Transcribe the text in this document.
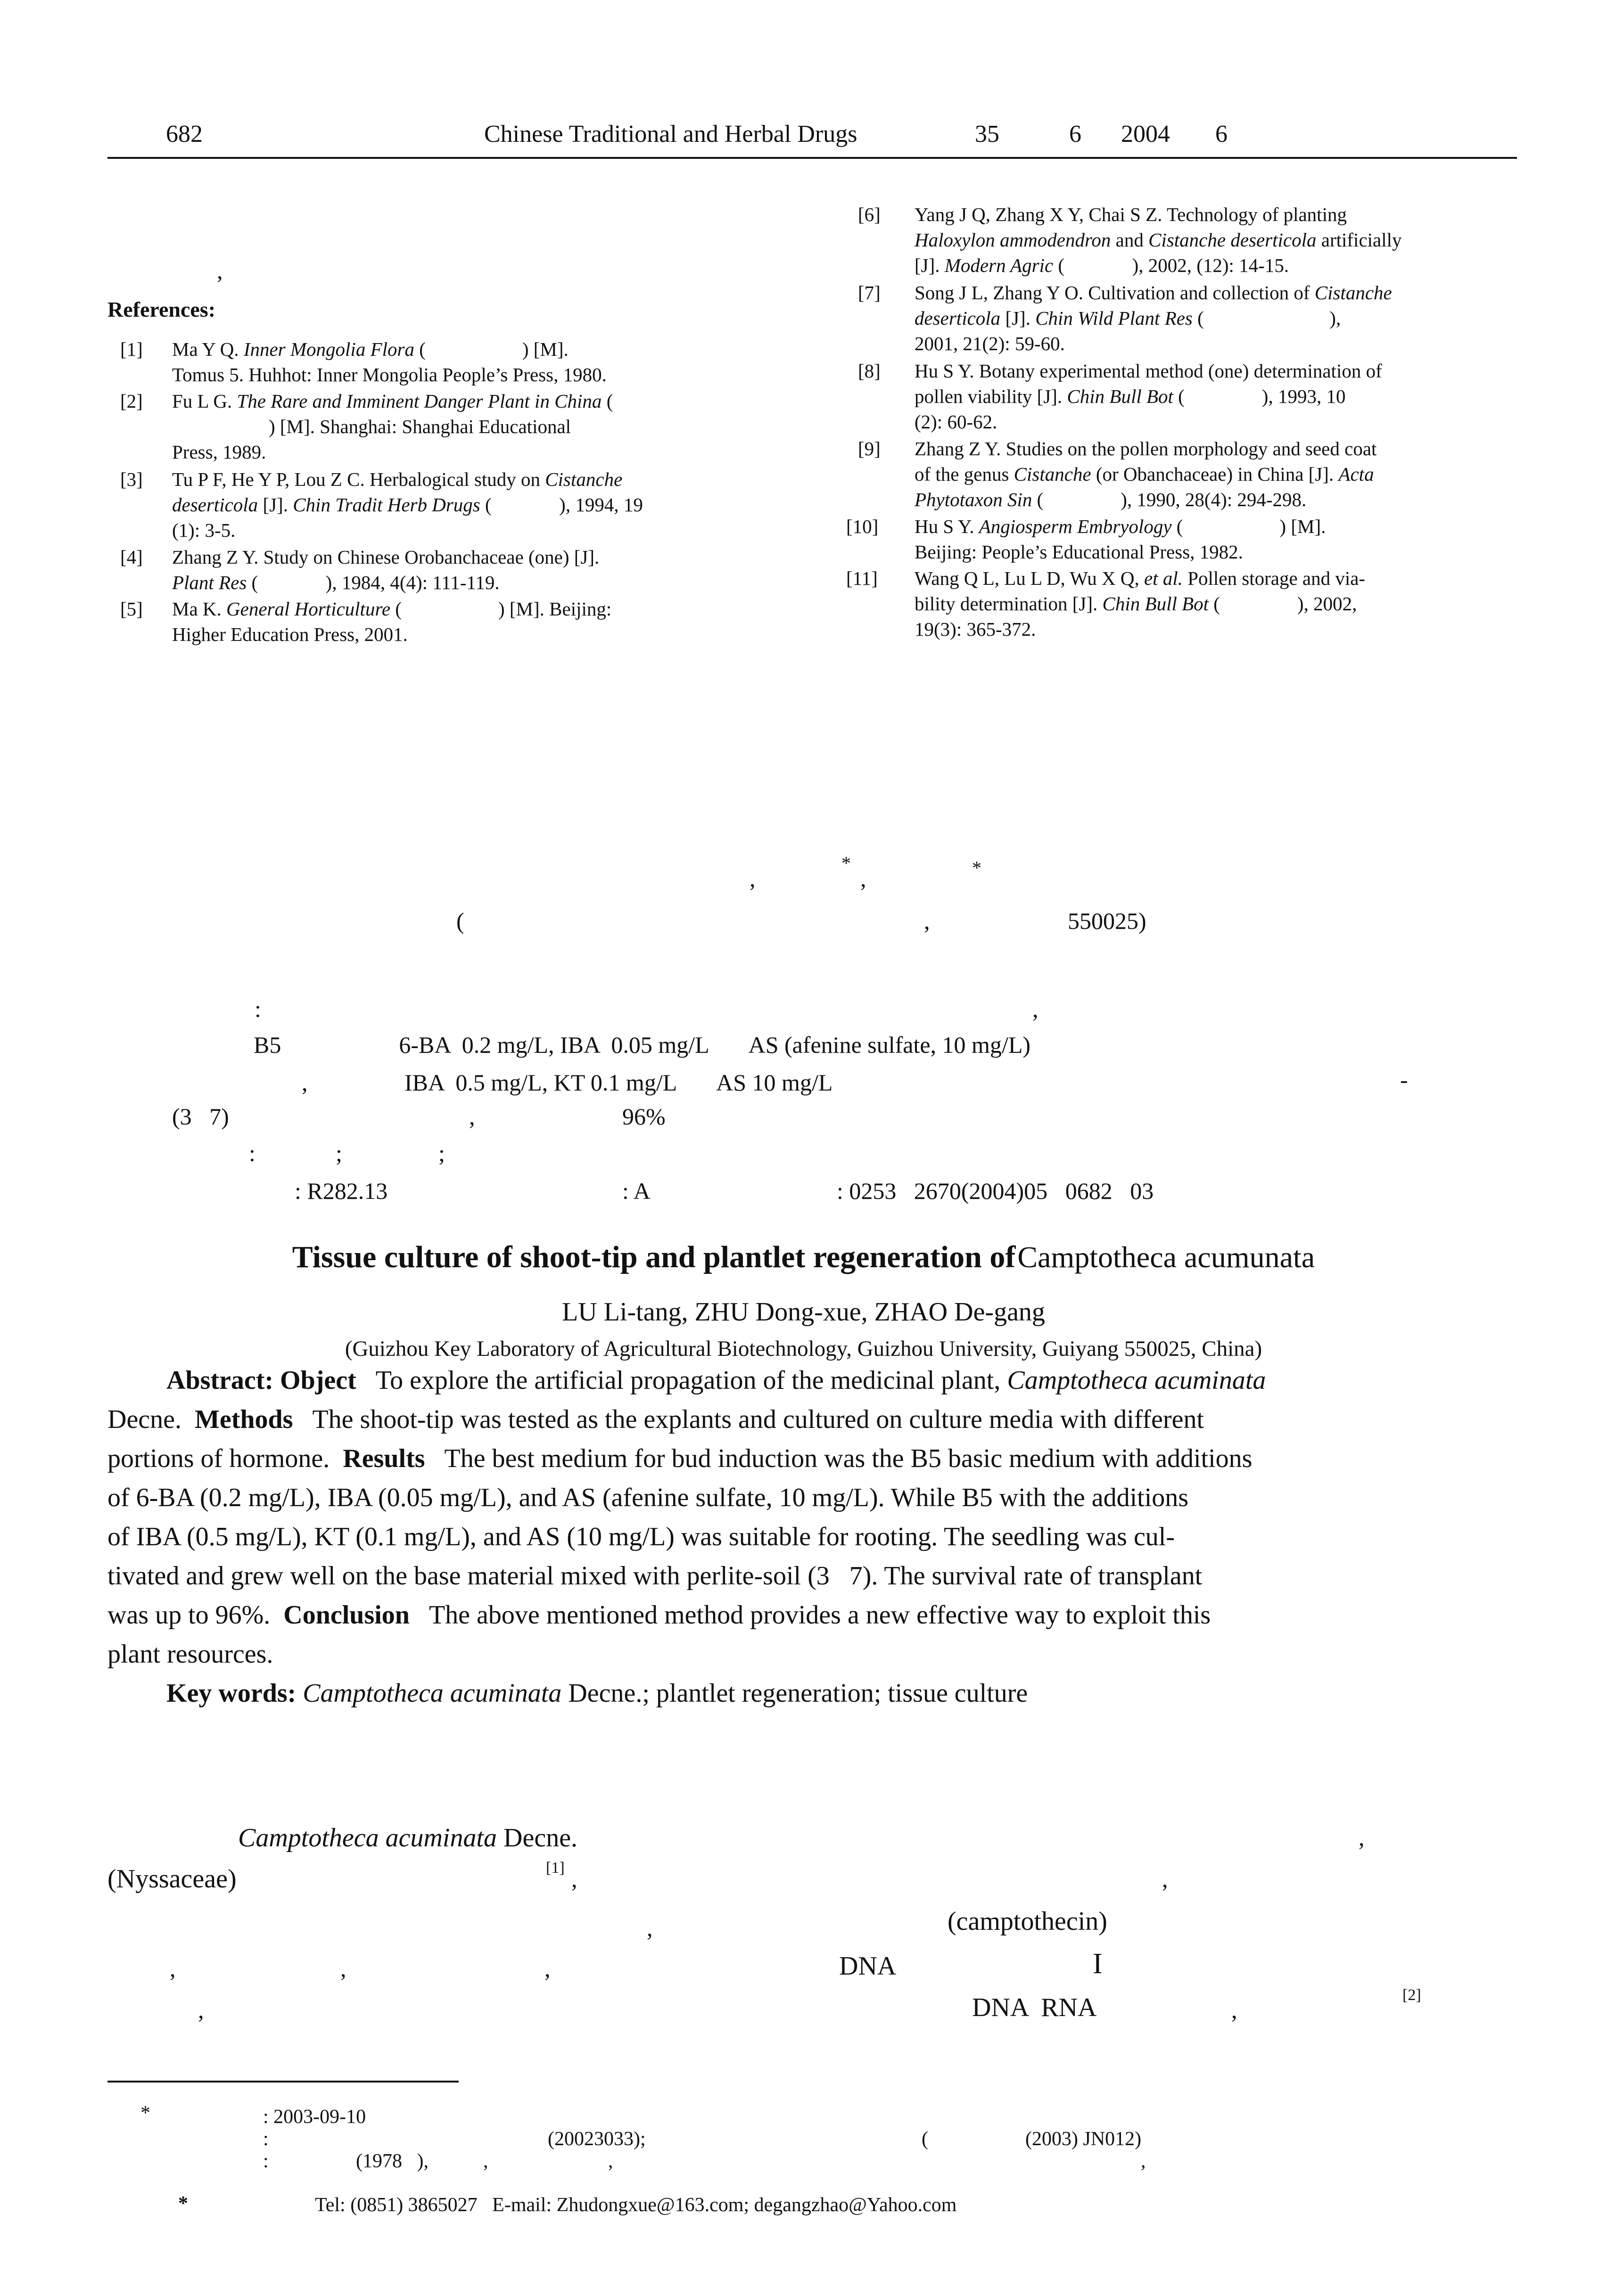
682	Chinese Traditional and Herbal Drugs	35	6 2004 6
,
References:
[1] Ma Y Q. Inner Mongolia Flora (                    ) [M].
Tomus 5. Huhhot: Inner Mongolia People’s Press, 1980.
[2] Fu L G. The Rare and Imminent Danger Plant in China (
) [M]. Shanghai: Shanghai Educational
Press, 1989.
[3] Tu P F, He Y P, Lou Z C. Herbalogical study on Cistanche
deserticola [J]. Chin Tradit Herb Drugs (              ), 1994, 19
(1): 3-5.
[4] Zhang Z Y. Study on Chinese Orobanchaceae (one) [J].
Plant Res (              ), 1984, 4(4): 111-119.
[5] Ma K. General Horticulture (                    ) [M]. Beijing:
Higher Education Press, 2001.
[6] Yang J Q, Zhang X Y, Chai S Z. Technology of planting
Haloxylon ammodendron and Cistanche deserticola artificially
[J]. Modern Agric (              ), 2002, (12): 14-15.
[7] Song J L, Zhang Y O. Cultivation and collection of Cistanche
deserticola [J]. Chin Wild Plant Res (                          ),
2001, 21(2): 59-60.
[8] Hu S Y. Botany experimental method (one) determination of
pollen viability [J]. Chin Bull Bot (                ), 1993, 10
(2): 60-62.
[9] Zhang Z Y. Studies on the pollen morphology and seed coat
of the genus Cistanche (or Obanchaceae) in China [J]. Acta
Phytotaxon Sin (                ), 1990, 28(4): 294-298.
[10] Hu S Y. Angiosperm Embryology (                    ) [M].
Beijing: People’s Educational Press, 1982.
[11] Wang Q L, Lu L D, Wu X Q, et al. Pollen storage and via-
bility determination [J]. Chin Bull Bot (                ), 2002,
19(3): 365-372.
*	*
,	,
(	,	550025)
:	,
B5                    6-BA  0.2 mg/L, IBA  0.05 mg/L       AS (afenine sulfate, 10 mg/L)
,	IBA  0.5 mg/L, KT 0.1 mg/L       AS 10 mg/L	-
(3   7)	,	96%
:	;	;
: R282.13	: A	: 0253   2670(2004)05   0682   03
Tissue culture of shoot-tip and plantlet regeneration of Camptotheca acumunata
LU Li-tang, ZHU Dong-xue, ZHAO De-gang
(Guizhou Key Laboratory of Agricultural Biotechnology, Guizhou University, Guiyang 550025, China)
Abstract: Object To explore the artificial propagation of the medicinal plant, Camptotheca acuminata
Decne. Methods The shoot-tip was tested as the explants and cultured on culture media with different
portions of hormone. Results The best medium for bud induction was the B5 basic medium with additions
of 6-BA (0.2 mg/L), IBA (0.05 mg/L), and AS (afenine sulfate, 10 mg/L). While B5 with the additions
of IBA (0.5 mg/L), KT (0.1 mg/L), and AS (10 mg/L) was suitable for rooting. The seedling was cul-
tivated and grew well on the base material mixed with perlite-soil (3   7). The survival rate of transplant
was up to 96%. Conclusion The above mentioned method provides a new effective way to exploit this
plant resources.
Key words: Camptotheca acuminata Decne.; plantlet regeneration; tissue culture
Camptotheca acuminata Decne.	,
(Nyssaceae)	[1] ,	,
,	(camptothecin)
,	,	,	DNA	I
,	DNA  RNA	,
[2]
*	: 2003-09-10
:	(20023033);	(	(2003) JN012)
:	(1978   ),	,	,	,
*	Tel: (0851) 3865027   E-mail: Zhudongxue@163.com; degangzhao@Yahoo.com
